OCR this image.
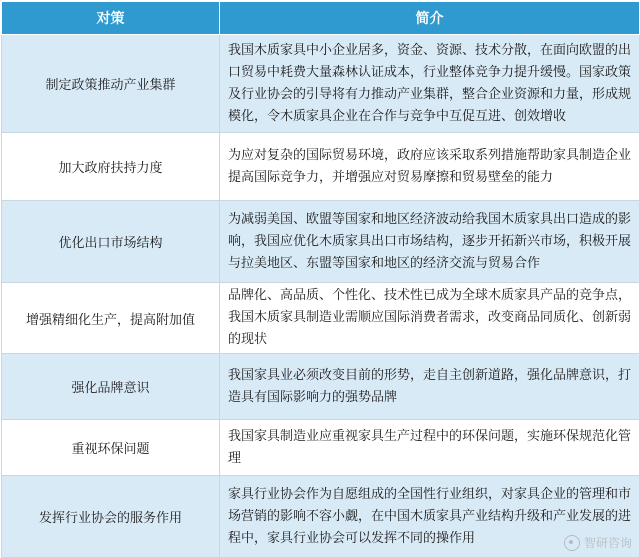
对策	简介
制定政策推动产业集群	我国木质家具中小企业居多，资金、资源、技术分散，在面向欧盟的出口贸易中耗费大量森林认证成本，行业整体竞争力提升缓慢。国家政策及行业协会的引导将有力推动产业集群，整合企业资源和力量，形成规模化，令木质家具企业在合作与竞争中互促互进、创效增收
加大政府扶持力度	为应对复杂的国际贸易环境，政府应该采取系列措施帮助家具制造企业提高国际竞争力，并增强应对贸易摩擦和贸易壁垒的能力
优化出口市场结构	为减弱美国、欧盟等国家和地区经济波动给我国木质家具出口造成的影响，我国应优化木质家具出口市场结构，逐步开拓新兴市场，积极开展与拉美地区、东盟等国家和地区的经济交流与贸易合作
增强精细化生产，提高附加值	品牌化、高品质、个性化、技术性已成为全球木质家具产品的竞争点，我国木质家具制造业需顺应国际消费者需求，改变商品同质化、创新弱的现状
强化品牌意识	我国家具业必须改变目前的形势，走自主创新道路，强化品牌意识，打造具有国际影响力的强势品牌
重视环保问题	我国家具制造业应重视家具生产过程中的环保问题，实施环保规范化管理
发挥行业协会的服务作用	家具行业协会作为自愿组成的全国性行业组织，对家具企业的管理和市场营销的影响不容小觑，在中国木质家具产业结构升级和产业发展的进程中，家具行业协会可以发挥不同的操作用	智研咨询
